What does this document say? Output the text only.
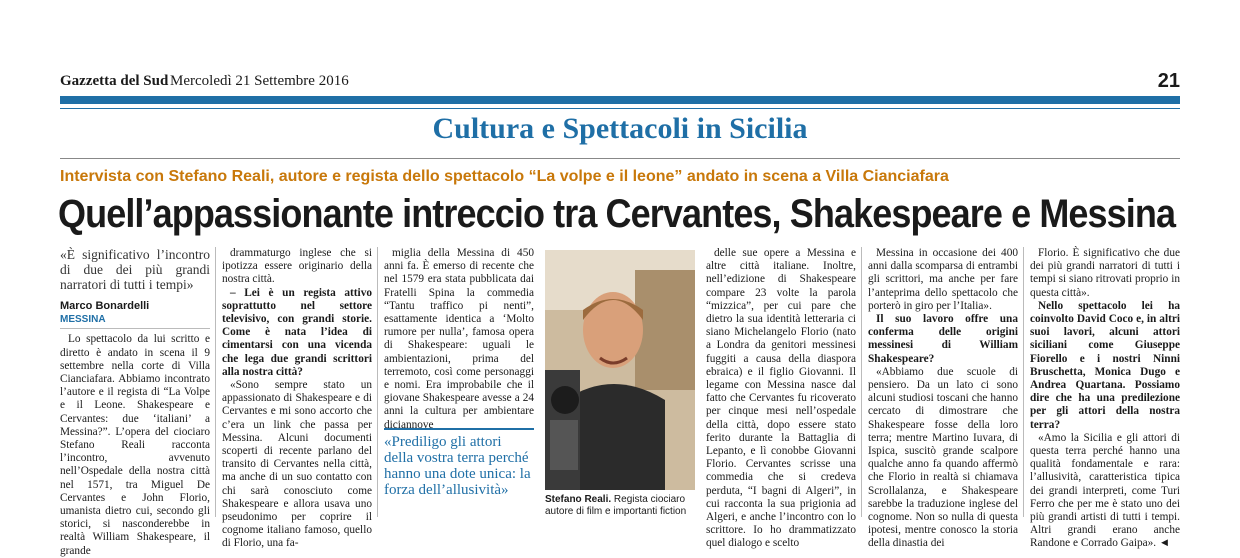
Gazzetta del Sud Mercoledì 21 Settembre 2016	21
Cultura e Spettacoli in Sicilia
Intervista con Stefano Reali, autore e regista dello spettacolo “La volpe e il leone” andato in scena a Villa Cianciafara
Quell’appassionante intreccio tra Cervantes, Shakespeare e Messina
«È significativo l’incontro di due dei più grandi narratori di tutti i tempi»
Marco Bonardelli
MESSINA

Lo spettacolo da lui scritto e diretto è andato in scena il 9 settembre nella corte di Villa Cianciafara. Abbiamo incontrato l’autore e il regista di “La Volpe e il Leone. Shakespeare e Cervantes: due ‘italiani’ a Messina?”. L’opera del ciociaro Stefano Reali racconta l’incontro, avvenuto nell’Ospedale della nostra città nel 1571, tra Miguel De Cervantes e John Florio, umanista dietro cui, secondo gli storici, si nasconderebbe in realtà William Shakespeare, il grande

drammaturgo inglese che si ipotizza essere originario della nostra città.

– Lei è un regista attivo soprattutto nel settore televisivo, con grandi storie. Come è nata l’idea di cimentarsi con una vicenda che lega due grandi scrittori alla nostra città?

«Sono sempre stato un appassionato di Shakespeare e di Cervantes e mi sono accorto che c’era un link che passa per Messina. Alcuni documenti scoperti di recente parlano del transito di Cervantes nella città, ma anche di un suo contatto con chi sarà conosciuto come Shakespeare e allora usava uno pseudonimo per coprire il cognome italiano famoso, quello di Florio, una fa-

miglia della Messina di 450 anni fa. È emerso di recente che nel 1579 era stata pubblicata dai Fratelli Spina la commedia “Tantu traffico pi nenti”, esattamente identica a ‘Molto rumore per nulla’, famosa opera di Shakespeare: uguali le ambientazioni, prima del terremoto, così come personaggi e nomi. Era improbabile che il giovane Shakespeare avesse a 24 anni la cultura per ambientare diciannove

«Prediligo gli attori della vostra terra perché hanno una dote unica: la forza dell’allusività»
Stefano Reali. Regista ciociaro autore di film e importanti fiction

delle sue opere a Messina e altre città italiane. Inoltre, nell’edizione di Shakespeare compare 23 volte la parola “mizzica”, per cui pare che dietro la sua identità letteraria ci siano Michelangelo Florio (nato a Londra da genitori messinesi fuggiti a causa della diaspora ebraica) e il figlio Giovanni. Il legame con Messina nasce dal fatto che Cervantes fu ricoverato per cinque mesi nell’ospedale della città, dopo essere stato ferito durante la Battaglia di Lepanto, e lì conobbe Giovanni Florio. Cervantes scrisse una commedia che si credeva perduta, “I bagni di Algeri”, in cui racconta la sua prigionia ad Algeri, e anche l’incontro con lo scrittore. Io ho drammatizzato quel dialogo e scelto

Messina in occasione dei 400 anni dalla scomparsa di entrambi gli scrittori, ma anche per fare l’anteprima dello spettacolo che porterò in giro per l’Italia».

Il suo lavoro offre una conferma delle origini messinesi di William Shakespeare?

«Abbiamo due scuole di pensiero. Da un lato ci sono alcuni studiosi toscani che hanno cercato di dimostrare che Shakespeare fosse della loro terra; mentre Martino Iuvara, di Ispica, suscitò grande scalpore qualche anno fa quando affermò che Florio in realtà si chiamava Scrollalanza, e Shakespeare sarebbe la traduzione inglese del cognome. Non so nulla di questa ipotesi, mentre conosco la storia della dinastia dei

Florio. È significativo che due dei più grandi narratori di tutti i tempi si siano ritrovati proprio in questa città».

Nello spettacolo lei ha coinvolto David Coco e, in altri suoi lavori, alcuni attori siciliani come Giuseppe Fiorello e i nostri Ninni Bruschetta, Monica Dugo e Andrea Quartana. Possiamo dire che ha una predilezione per gli attori della nostra terra?

«Amo la Sicilia e gli attori di questa terra perché hanno una qualità fondamentale e rara: l’allusività, caratteristica tipica dei grandi interpreti, come Turi Ferro che per me è stato uno dei più grandi artisti di tutti i tempi. Altri grandi erano anche Randone e Corrado Gaipa». ◄
